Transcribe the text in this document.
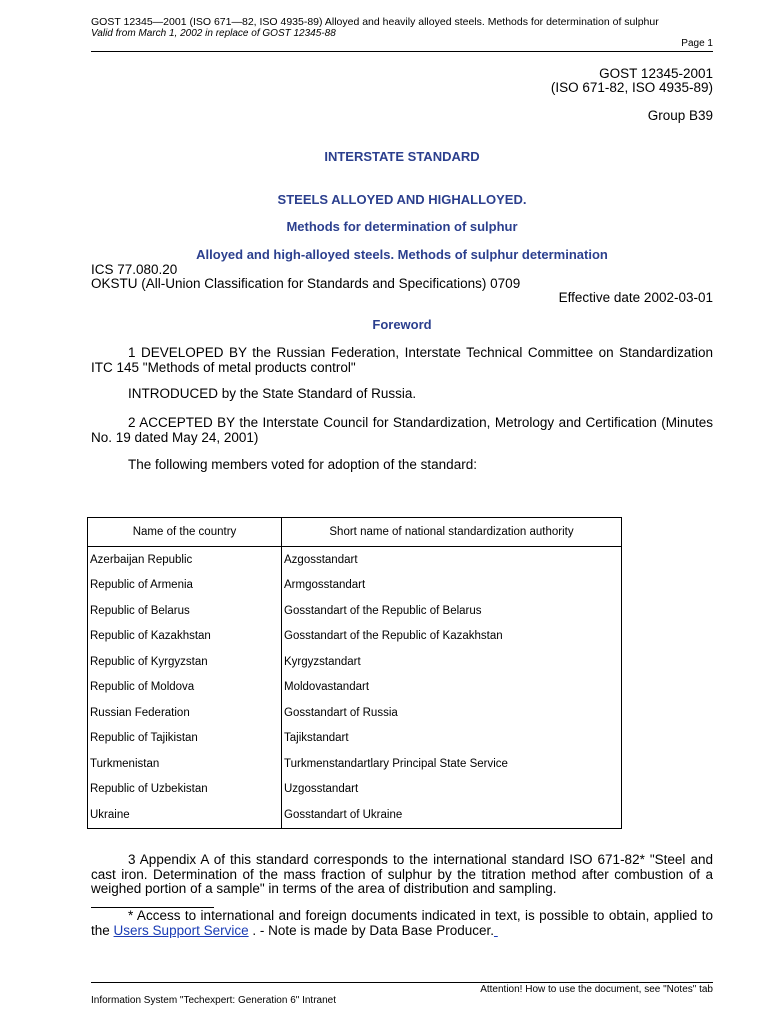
GOST 12345—2001 (ISO 671—82, ISO 4935-89) Alloyed and heavily alloyed steels. Methods for determination of sulphur
Valid from March 1, 2002 in replace of GOST 12345-88
Page 1
GOST 12345-2001
(ISO 671-82, ISO 4935-89)
Group B39
INTERSTATE STANDARD
STEELS ALLOYED AND HIGHALLOYED.
Methods for determination of sulphur
Alloyed and high-alloyed steels. Methods of sulphur determination
ICS 77.080.20
OKSTU (All-Union Classification for Standards and Specifications) 0709
Effective date 2002-03-01
Foreword
1 DEVELOPED BY the Russian Federation, Interstate Technical Committee on Standardization ITC 145 "Methods of metal products control"
INTRODUCED by the State Standard of Russia.
2 ACCEPTED BY the Interstate Council for Standardization, Metrology and Certification (Minutes No. 19 dated May 24, 2001)
The following members voted for adoption of the standard:
Name of the country	Short name of national standardization authority
Azerbaijan Republic	Azgosstandart
Republic of Armenia	Armgosstandart
Republic of Belarus	Gosstandart of the Republic of Belarus
Republic of Kazakhstan	Gosstandart of the Republic of Kazakhstan
Republic of Kyrgyzstan	Kyrgyzstandart
Republic of Moldova	Moldovastandart
Russian Federation	Gosstandart of Russia
Republic of Tajikistan	Tajikstandart
Turkmenistan	Turkmenstandartlary Principal State Service
Republic of Uzbekistan	Uzgosstandart
Ukraine	Gosstandart of Ukraine
3 Appendix A of this standard corresponds to the international standard ISO 671-82* "Steel and cast iron. Determination of the mass fraction of sulphur by the titration method after combustion of a weighed portion of a sample" in terms of the area of distribution and sampling.
* Access to international and foreign documents indicated in text, is possible to obtain, applied to the Users Support Service . - Note is made by Data Base Producer.
Attention! How to use the document, see "Notes" tab
Information System "Techexpert: Generation 6" Intranet
